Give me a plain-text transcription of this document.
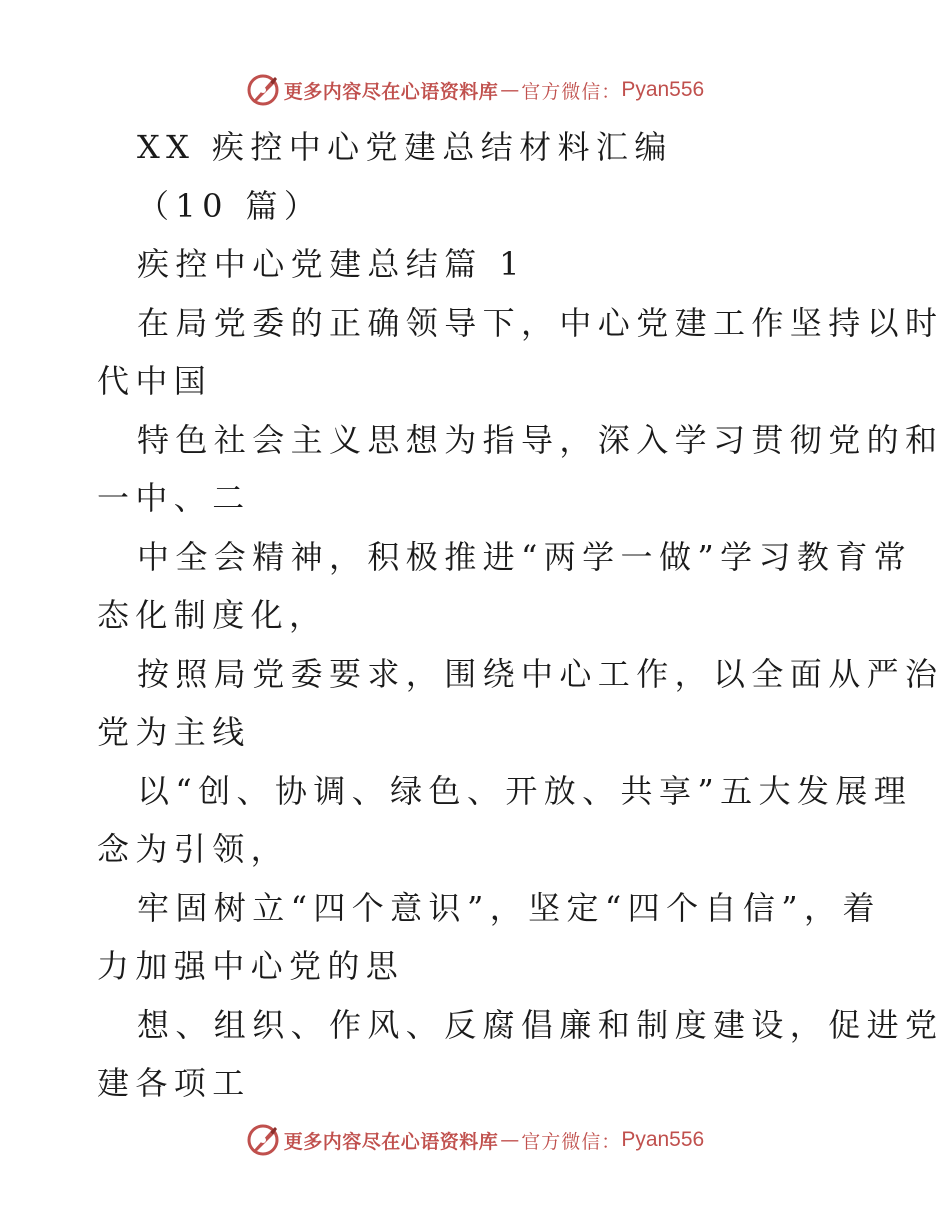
更多内容尽在心语资料库 — 官方微信： Pyan556
XX 疾控中心党建总结材料汇编
（10 篇）
疾控中心党建总结篇 1
在局党委的正确领导下，中心党建工作坚持以时
代中国
特色社会主义思想为指导，深入学习贯彻党的和
一中、二
中全会精神，积极推进“两学一做”学习教育常
态化制度化，
按照局党委要求，围绕中心工作，以全面从严治
党为主线
以“创、协调、绿色、开放、共享”五大发展理
念为引领，
牢固树立“四个意识”，坚定“四个自信”，着
力加强中心党的思
想、组织、作风、反腐倡廉和制度建设，促进党
建各项工
更多内容尽在心语资料库 — 官方微信： Pyan556
